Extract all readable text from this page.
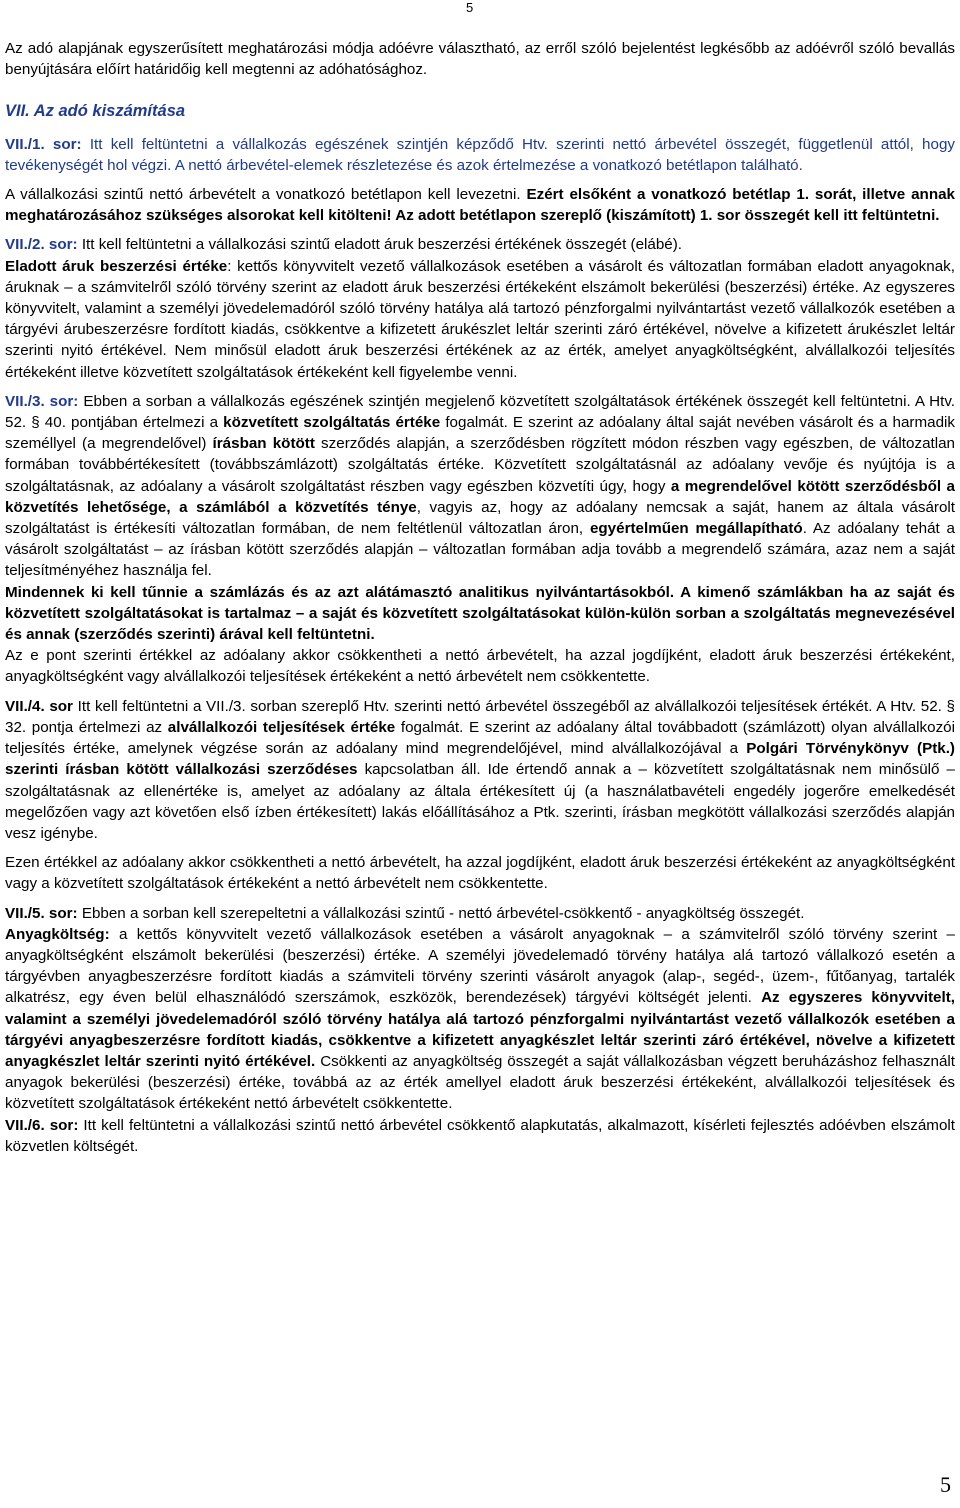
5

Az adó alapjának egyszerűsített meghatározási módja adóévre választható, az erről szóló bejelentést legkésőbb az adóévről szóló bevallás benyújtására előírt határidőig kell megtenni az adóhatósághoz.

VII. Az adó kiszámítása

VII./1. sor: Itt kell feltüntetni a vállalkozás egészének szintjén képződő Htv. szerinti nettó árbevétel összegét, függetlenül attól, hogy tevékenységét hol végzi. A nettó árbevétel-elemek részletezése és azok értelmezése a vonatkozó betétlapon található.

A vállalkozási szintű nettó árbevételt a vonatkozó betétlapon kell levezetni. Ezért elsőként a vonatkozó betétlap 1. sorát, illetve annak meghatározásához szükséges alsorokat kell kitölteni! Az adott betétlapon szereplő (kiszámított) 1. sor összegét kell itt feltüntetni.

VII./2. sor: Itt kell feltüntetni a vállalkozási szintű eladott áruk beszerzési értékének összegét (elábé).

Eladott áruk beszerzési értéke: kettős könyvvitelt vezető vállalkozások esetében a vásárolt és változatlan formában eladott anyagoknak, áruknak – a számvitelről szóló törvény szerint az eladott áruk beszerzési értékeként elszámolt bekerülési (beszerzési) értéke. Az egyszeres könyvvitelt, valamint a személyi jövedelemadóról szóló törvény hatálya alá tartozó pénzforgalmi nyilvántartást vezető vállalkozók esetében a tárgyévi árubeszerzésre fordított kiadás, csökkentve a kifizetett árukészlet leltár szerinti záró értékével, növelve a kifizetett árukészlet leltár szerinti nyitó értékével. Nem minősül eladott áruk beszerzési értékének az az érték, amelyet anyagköltségként, alvállalkozói teljesítés értékeként illetve közvetített szolgáltatások értékeként kell figyelembe venni.

VII./3. sor: Ebben a sorban a vállalkozás egészének szintjén megjelenő közvetített szolgáltatások értékének összegét kell feltüntetni. A Htv. 52. § 40. pontjában értelmezi a közvetített szolgáltatás értéke fogalmát. E szerint az adóalany által saját nevében vásárolt és a harmadik személlyel (a megrendelővel) írásban kötött szerződés alapján, a szerződésben rögzített módon részben vagy egészben, de változatlan formában továbbértékesített (továbbszámlázott) szolgáltatás értéke. Közvetített szolgáltatásnál az adóalany vevője és nyújtója is a szolgáltatásnak, az adóalany a vásárolt szolgáltatást részben vagy egészben közvetíti úgy, hogy a megrendelővel kötött szerződésből a közvetítés lehetősége, a számlából a közvetítés ténye, vagyis az, hogy az adóalany nemcsak a saját, hanem az általa vásárolt szolgáltatást is értékesíti változatlan formában, de nem feltétlenül változatlan áron, egyértelműen megállapítható. Az adóalany tehát a vásárolt szolgáltatást – az írásban kötött szerződés alapján – változatlan formában adja tovább a megrendelő számára, azaz nem a saját teljesítményéhez használja fel.

Mindennek ki kell tűnnie a számlázás és az azt alátámasztó analitikus nyilvántartásokból. A kimenő számlákban ha az saját és közvetített szolgáltatásokat is tartalmaz – a saját és közvetített szolgáltatásokat külön-külön sorban a szolgáltatás megnevezésével és annak (szerződés szerinti) árával kell feltüntetni.

Az e pont szerinti értékkel az adóalany akkor csökkentheti a nettó árbevételt, ha azzal jogdíjként, eladott áruk beszerzési értékeként, anyagköltségként vagy alvállalkozói teljesítések értékeként a nettó árbevételt nem csökkentette.

VII./4. sor Itt kell feltüntetni a VII./3. sorban szereplő Htv. szerinti nettó árbevétel összegéből az alvállalkozói teljesítések értékét. A Htv. 52. § 32. pontja értelmezi az alvállalkozói teljesítések értéke fogalmát. E szerint az adóalany által továbbadott (számlázott) olyan alvállalkozói teljesítés értéke, amelynek végzése során az adóalany mind megrendelőjével, mind alvállalkozójával a Polgári Törvénykönyv (Ptk.) szerinti írásban kötött vállalkozási szerződéses kapcsolatban áll. Ide értendő annak a – közvetített szolgáltatásnak nem minősülő – szolgáltatásnak az ellenértéke is, amelyet az adóalany az általa értékesített új (a használatbavételi engedély jogerőre emelkedését megelőzően vagy azt követően első ízben értékesített) lakás előállításához a Ptk. szerinti, írásban megkötött vállalkozási szerződés alapján vesz igénybe.

Ezen értékkel az adóalany akkor csökkentheti a nettó árbevételt, ha azzal jogdíjként, eladott áruk beszerzési értékeként az anyagköltségként vagy a közvetített szolgáltatások értékeként a nettó árbevételt nem csökkentette.

VII./5. sor: Ebben a sorban kell szerepeltetni a vállalkozási szintű - nettó árbevétel-csökkentő - anyagköltség összegét.

Anyagköltség: a kettős könyvvitelt vezető vállalkozások esetében a vásárolt anyagoknak – a számvitelről szóló törvény szerint – anyagköltségként elszámolt bekerülési (beszerzési) értéke. A személyi jövedelemadó törvény hatálya alá tartozó vállalkozó esetén a tárgyévben anyagbeszerzésre fordított kiadás a számviteli törvény szerinti vásárolt anyagok (alap-, segéd-, üzem-, fűtőanyag, tartalék alkatrész, egy éven belül elhasználódó szerszámok, eszközök, berendezések) tárgyévi költségét jelenti. Az egyszeres könyvvitelt, valamint a személyi jövedelemadóról szóló törvény hatálya alá tartozó pénzforgalmi nyilvántartást vezető vállalkozók esetében a tárgyévi anyagbeszerzésre fordított kiadás, csökkentve a kifizetett anyagkészlet leltár szerinti záró értékével, növelve a kifizetett anyagkészlet leltár szerinti nyitó értékével. Csökkenti az anyagköltség összegét a saját vállalkozásban végzett beruházáshoz felhasznált anyagok bekerülési (beszerzési) értéke, továbbá az az érték amellyel eladott áruk beszerzési értékeként, alvállalkozói teljesítések és közvetített szolgáltatások értékeként nettó árbevételt csökkentette.

VII./6. sor: Itt kell feltüntetni a vállalkozási szintű nettó árbevétel csökkentő alapkutatás, alkalmazott, kísérleti fejlesztés adóévben elszámolt közvetlen költségét.

5
